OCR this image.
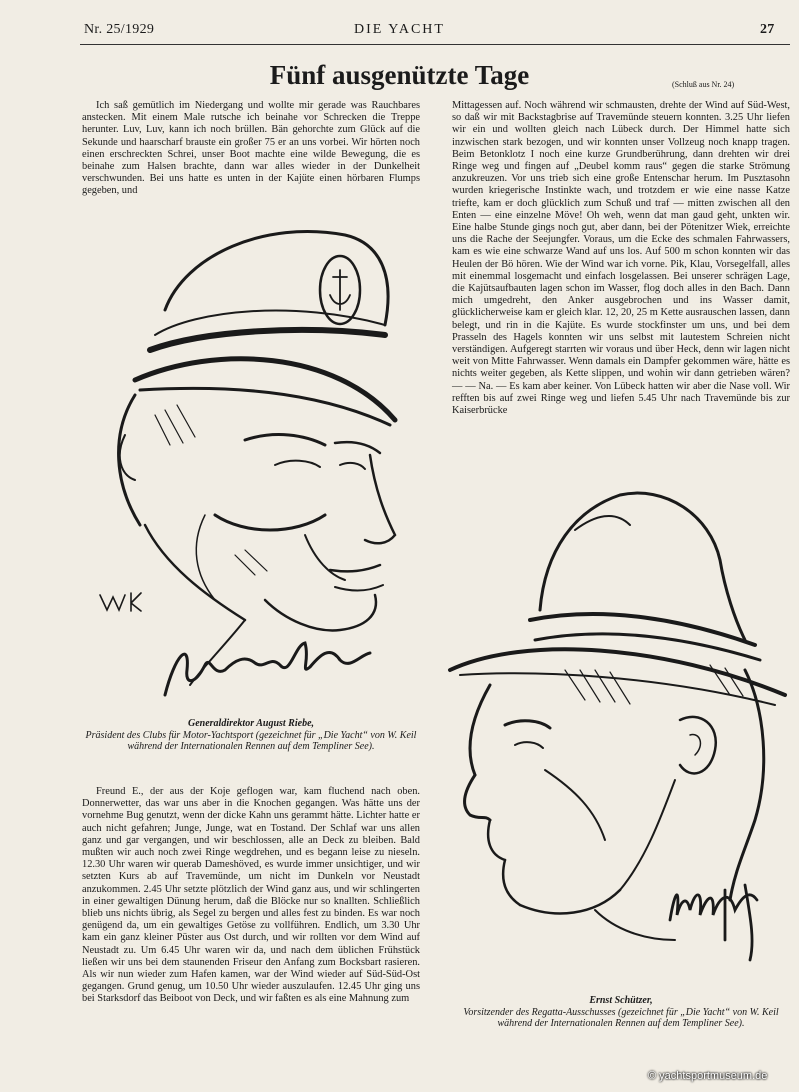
Nr. 25/1929	DIE YACHT	27
Fünf ausgenützte Tage	(Schluß aus Nr. 24)

Ich saß gemütlich im Niedergang und wollte mir gerade was Rauchbares anstecken. Mit einem Male rutsche ich beinahe vor Schrecken die Treppe herunter. Luv, Luv, kann ich noch brüllen. Bän gehorchte zum Glück auf die Sekunde und haarscharf brauste ein großer 75 er an uns vorbei. Wir hörten noch einen erschreckten Schrei, unser Boot machte eine wilde Bewegung, die es beinahe zum Halsen brachte, dann war alles wieder in der Dunkelheit verschwunden. Bei uns hatte es unten in der Kajüte einen hörbaren Flumps gegeben, und

Mittagessen auf. Noch während wir schmausten, drehte der Wind auf Süd-West, so daß wir mit Backstagbrise auf Travemünde steuern konnten. 3.25 Uhr liefen wir ein und wollten gleich nach Lübeck durch. Der Himmel hatte sich inzwischen stark bezogen, und wir konnten unser Vollzeug noch knapp tragen. Beim Betonklotz I noch eine kurze Grundberührung, dann drehten wir drei Ringe weg und fingen auf „Deubel komm raus“ gegen die starke Strömung anzukreuzen. Vor uns trieb sich eine große Entenschar herum. Im Pusztasohn wurden kriegerische Instinkte wach, und trotzdem er wie eine nasse Katze triefte, kam er doch glücklich zum Schuß und traf — mitten zwischen all den Enten — eine einzelne Möve! Oh weh, wenn dat man gaud geht, unkten wir. Eine halbe Stunde gings noch gut, aber dann, bei der Pötenitzer Wiek, erreichte uns die Rache der Seejungfer. Voraus, um die Ecke des schmalen Fahrwassers, kam es wie eine schwarze Wand auf uns los. Auf 500 m schon konnten wir das Heulen der Bö hören. Wie der Wind war ich vorne. Pik, Klau, Vorsegelfall, alles mit einemmal losgemacht und einfach losgelassen. Bei unserer schrägen Lage, die Kajütsaufbauten lagen schon im Wasser, flog doch alles in den Bach. Dann mich umgedreht, den Anker ausgebrochen und ins Wasser damit, glücklicherweise kam er gleich klar. 12, 20, 25 m Kette ausrauschen lassen, dann belegt, und rin in die Kajüte. Es wurde stockfinster um uns, und bei dem Prasseln des Hagels konnten wir uns selbst mit lautestem Schreien nicht verständigen. Aufgeregt starrten wir voraus und über Heck, denn wir lagen nicht weit von Mitte Fahrwasser. Wenn damals ein Dampfer gekommen wäre, hätte es nichts weiter gegeben, als Kette slippen, und wohin wir dann getrieben wären? — — Na. — Es kam aber keiner. Von Lübeck hatten wir aber die Nase voll. Wir refften bis auf zwei Ringe weg und liefen 5.45 Uhr nach Travemünde bis zur Kaiserbrücke

Generaldirektor August Riebe,
Präsident des Clubs für Motor-Yachtsport (gezeichnet für „Die Yacht“ von W. Keil während der Internationalen Rennen auf dem Templiner See).

Freund E., der aus der Koje geflogen war, kam fluchend nach oben. Donnerwetter, das war uns aber in die Knochen gegangen. Was hätte uns der vornehme Bug genutzt, wenn der dicke Kahn uns gerammt hätte. Lichter hatte er auch nicht gefahren; Junge, Junge, wat en Tostand. Der Schlaf war uns allen ganz und gar vergangen, und wir beschlossen, alle an Deck zu bleiben. Bald mußten wir auch noch zwei Ringe wegdrehen, und es begann leise zu nieseln. 12.30 Uhr waren wir querab Dameshöved, es wurde immer unsichtiger, und wir setzten Kurs ab auf Travemünde, um nicht im Dunkeln vor Neustadt anzukommen. 2.45 Uhr setzte plötzlich der Wind ganz aus, und wir schlingerten in einer gewaltigen Dünung herum, daß die Blöcke nur so knallten. Schließlich blieb uns nichts übrig, als Segel zu bergen und alles fest zu binden. Es war noch genügend da, um ein gewaltiges Getöse zu vollführen. Endlich, um 3.30 Uhr kam ein ganz kleiner Püster aus Ost durch, und wir rollten vor dem Wind auf Neustadt zu. Um 6.45 Uhr waren wir da, und nach dem üblichen Frühstück ließen wir uns bei dem staunenden Friseur den Anfang zum Bocksbart rasieren. Als wir nun wieder zum Hafen kamen, war der Wind wieder auf Süd-Süd-Ost gegangen. Grund genug, um 10.50 Uhr wieder auszulaufen. 12.45 Uhr ging uns bei Starksdorf das Beiboot von Deck, und wir faßten es als eine Mahnung zum	Ernst Schützer,
Vorsitzender des Regatta-Ausschusses (gezeichnet für „Die Yacht“ von W. Keil während der Internationalen Rennen auf dem Templiner See).
© yachtsportmuseum.de
